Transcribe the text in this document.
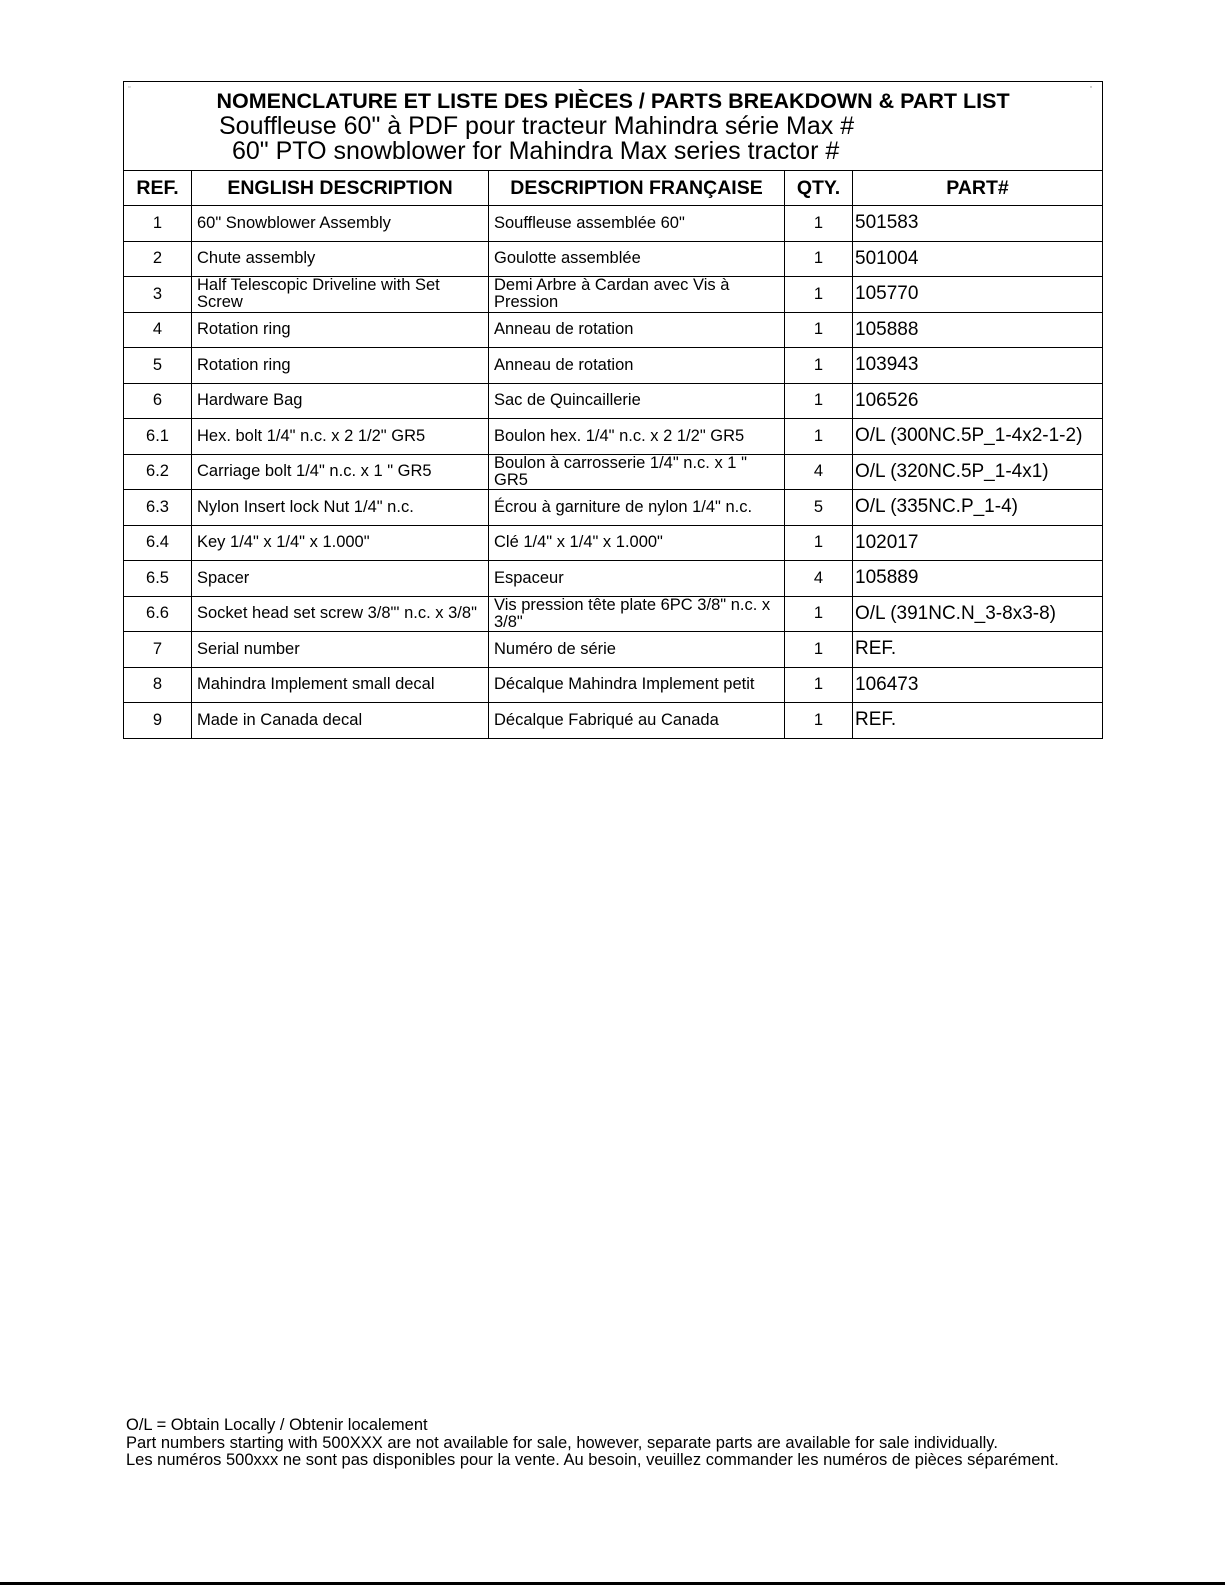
▫ ▫
NOMENCLATURE ET LISTE DES PIÈCES / PARTS BREAKDOWN & PART LIST
Souffleuse 60" à PDF pour tracteur Mahindra série Max #
60" PTO snowblower for Mahindra Max series tractor #				

REF.	ENGLISH DESCRIPTION	DESCRIPTION FRANÇAISE	QTY.	PART#
1	60" Snowblower Assembly	Souffleuse assemblée 60"	1	501583
2	Chute assembly	Goulotte assemblée	1	501004
3	Half Telescopic Driveline with Set Screw	Demi Arbre à Cardan avec Vis à Pression	1	105770
4	Rotation ring	Anneau de rotation	1	105888
5	Rotation ring	Anneau de rotation	1	103943
6	Hardware Bag	Sac de Quincaillerie	1	106526
6.1	Hex. bolt 1/4" n.c. x 2 1/2" GR5	Boulon hex. 1/4" n.c. x 2 1/2" GR5	1	O/L (300NC.5P_1-4x2-1-2)
6.2	Carriage bolt 1/4" n.c. x 1 " GR5	Boulon à carrosserie 1/4" n.c. x 1 " GR5	4	O/L (320NC.5P_1-4x1)
6.3	Nylon Insert lock Nut 1/4" n.c.	Écrou à garniture de nylon 1/4" n.c.	5	O/L (335NC.P_1-4)
6.4	Key 1/4" x 1/4" x 1.000"	Clé 1/4" x 1/4" x 1.000"	1	102017
6.5	Spacer	Espaceur	4	105889
6.6	Socket head set screw 3/8"' n.c. x 3/8"	Vis pression tête plate 6PC 3/8" n.c. x 3/8"	1	O/L (391NC.N_3-8x3-8)
7	Serial number	Numéro de série	1	REF.
8	Mahindra Implement small decal	Décalque Mahindra Implement petit	1	106473
9	Made in Canada decal	Décalque Fabriqué au Canada	1	REF.
O/L = Obtain Locally / Obtenir localement
Part numbers starting with 500XXX are not available for sale, however, separate parts are available for sale individually.
Les numéros 500xxx ne sont pas disponibles pour la vente. Au besoin, veuillez commander les numéros de pièces séparément.
